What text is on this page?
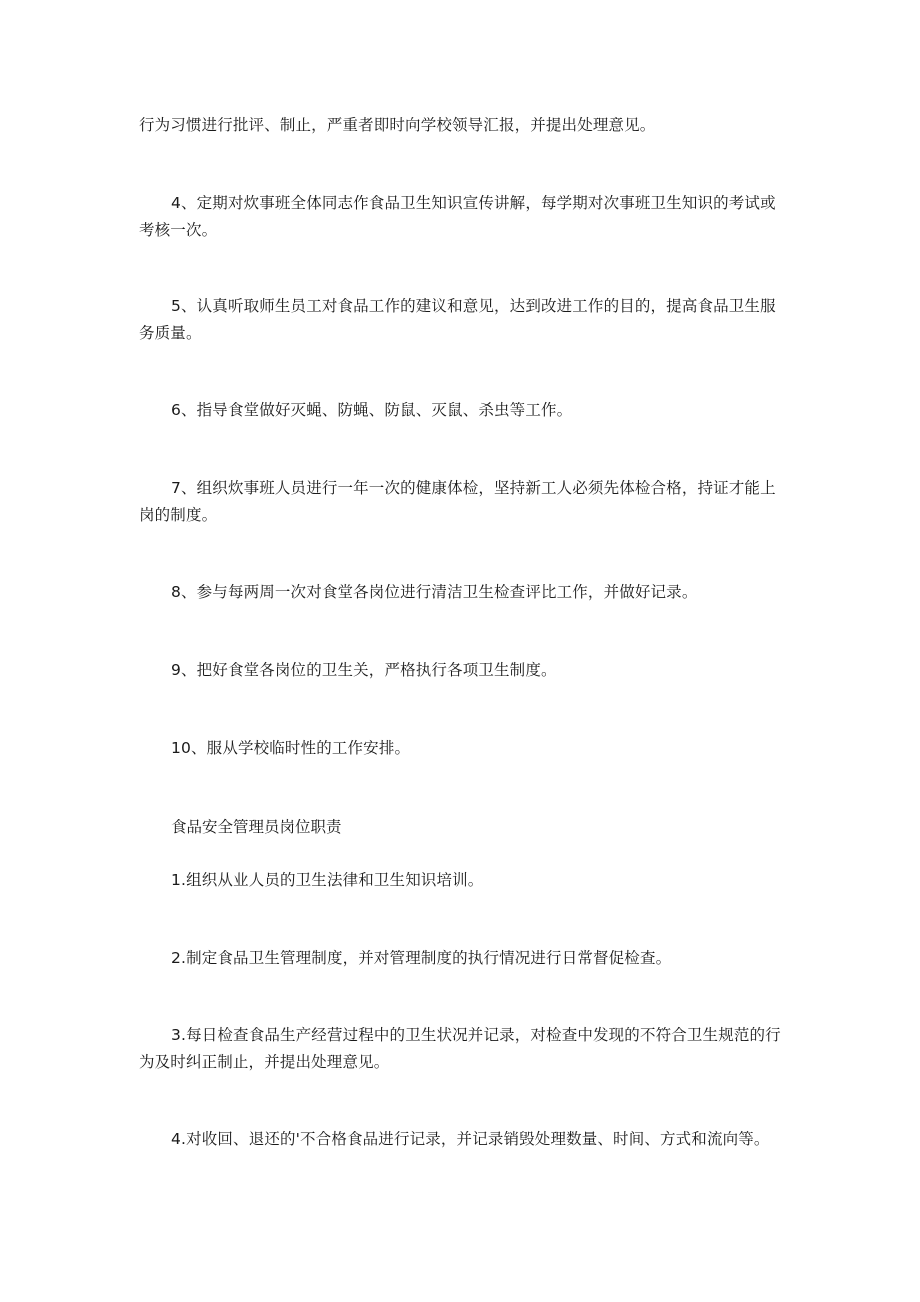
行为习惯进行批评、制止，严重者即时向学校领导汇报，并提出处理意见。

4、定期对炊事班全体同志作食品卫生知识宣传讲解，每学期对次事班卫生知识的考试或考核一次。

5、认真听取师生员工对食品工作的建议和意见，达到改进工作的目的，提高食品卫生服务质量。

6、指导食堂做好灭蝇、防蝇、防鼠、灭鼠、杀虫等工作。

7、组织炊事班人员进行一年一次的健康体检，坚持新工人必须先体检合格，持证才能上岗的制度。

8、参与每两周一次对食堂各岗位进行清洁卫生检查评比工作，并做好记录。

9、把好食堂各岗位的卫生关，严格执行各项卫生制度。

10、服从学校临时性的工作安排。

食品安全管理员岗位职责

1.组织从业人员的卫生法律和卫生知识培训。

2.制定食品卫生管理制度，并对管理制度的执行情况进行日常督促检查。

3.每日检查食品生产经营过程中的卫生状况并记录，对检查中发现的不符合卫生规范的行为及时纠正制止，并提出处理意见。

4.对收回、退还的'不合格食品进行记录，并记录销毁处理数量、时间、方式和流向等。
